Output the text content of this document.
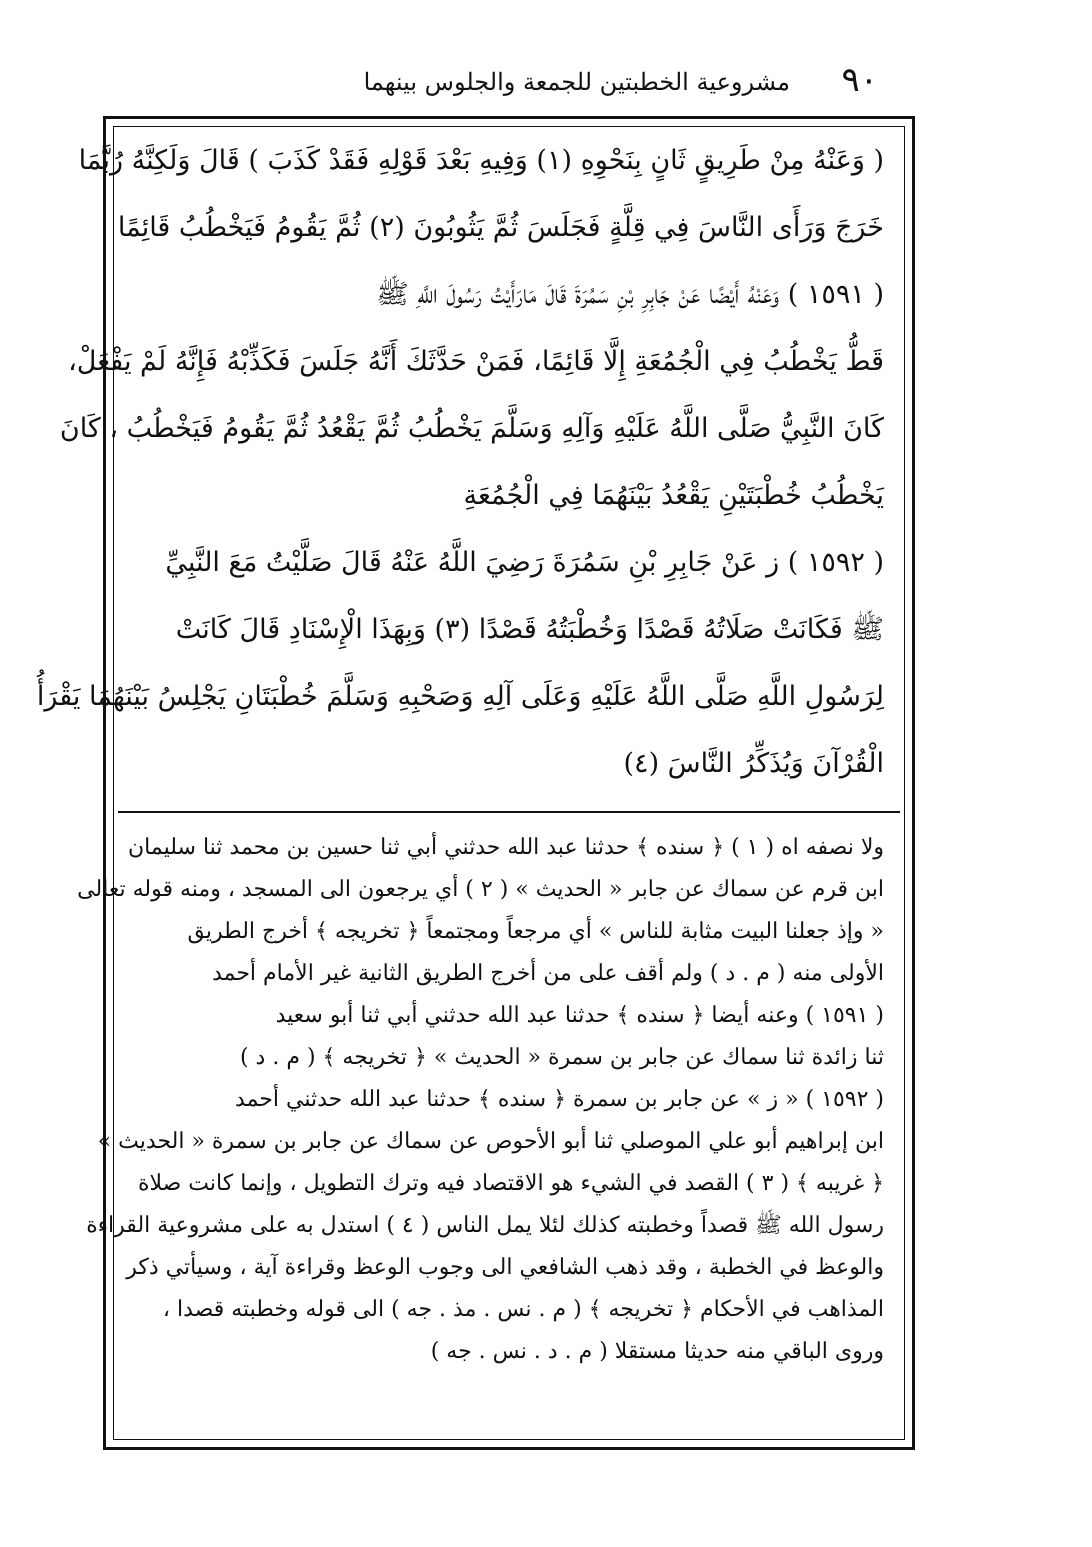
٩٠
مشروعية الخطبتين للجمعة والجلوس بينهما
( وَعَنْهُ مِنْ طَرِيقٍ ثَانٍ بِنَحْوِهِ (١) وَفِيهِ بَعْدَ قَوْلِهِ فَقَدْ كَذَبَ ) قَالَ وَلَكِنَّهُ رُبَّمَا
خَرَجَ وَرَأَى النَّاسَ فِي قِلَّةٍ فَجَلَسَ ثُمَّ يَثُوبُونَ (٢) ثُمَّ يَقُومُ فَيَخْطُبُ قَائِمًا
( ١٥٩١ ) وَعَنْهُ أَيْضًا عَنْ جَابِرِ بْنِ سَمُرَةَ قَالَ مَارَأَيْتُ رَسُولَ اللَّهِ ﷺ
قَطُّ يَخْطُبُ فِي الْجُمُعَةِ إِلَّا قَائِمًا، فَمَنْ حَدَّثَكَ أَنَّهُ جَلَسَ فَكَذِّبْهُ فَإِنَّهُ لَمْ يَفْعَلْ،
كَانَ النَّبِيُّ صَلَّى اللَّهُ عَلَيْهِ وَآلِهِ وَسَلَّمَ يَخْطُبُ ثُمَّ يَقْعُدُ ثُمَّ يَقُومُ فَيَخْطُبُ ، كَانَ
يَخْطُبُ خُطْبَتَيْنِ يَقْعُدُ بَيْنَهُمَا فِي الْجُمُعَةِ
( ١٥٩٢ ) ز عَنْ جَابِرِ بْنِ سَمُرَةَ رَضِيَ اللَّهُ عَنْهُ قَالَ صَلَّيْتُ مَعَ النَّبِيِّ
ﷺ فَكَانَتْ صَلَاتُهُ قَصْدًا وَخُطْبَتُهُ قَصْدًا (٣) وَبِهَذَا الْإِسْنَادِ قَالَ كَانَتْ
لِرَسُولِ اللَّهِ صَلَّى اللَّهُ عَلَيْهِ وَعَلَى آلِهِ وَصَحْبِهِ وَسَلَّمَ خُطْبَتَانِ يَجْلِسُ بَيْنَهُمَا يَقْرَأُ
الْقُرْآنَ وَيُذَكِّرُ النَّاسَ (٤)
ولا نصفه اه ( ١ ) ﴿ سنده ﴾ حدثنا عبد الله حدثني أبي ثنا حسين بن محمد ثنا سليمان
ابن قرم عن سماك عن جابر « الحديث » ( ٢ ) أي يرجعون الى المسجد ، ومنه قوله تعالى
« وإذ جعلنا البيت مثابة للناس » أي مرجعاً ومجتمعاً ﴿ تخريجه ﴾ أخرج الطريق
الأولى منه ( م . د ) ولم أقف على من أخرج الطريق الثانية غير الأمام أحمد
( ١٥٩١ ) وعنه أيضا ﴿ سنده ﴾ حدثنا عبد الله حدثني أبي ثنا أبو سعيد
ثنا زائدة ثنا سماك عن جابر بن سمرة « الحديث » ﴿ تخريجه ﴾ ( م . د )
( ١٥٩٢ ) « ز » عن جابر بن سمرة ﴿ سنده ﴾ حدثنا عبد الله حدثني أحمد
ابن إبراهيم أبو علي الموصلي ثنا أبو الأحوص عن سماك عن جابر بن سمرة « الحديث »
﴿ غريبه ﴾ ( ٣ ) القصد في الشيء هو الاقتصاد فيه وترك التطويل ، وإنما كانت صلاة
رسول الله ﷺ قصداً وخطبته كذلك لئلا يمل الناس ( ٤ ) استدل به على مشروعية القراءة
والوعظ في الخطبة ، وقد ذهب الشافعي الى وجوب الوعظ وقراءة آية ، وسيأتي ذكر
المذاهب في الأحكام ﴿ تخريجه ﴾ ( م . نس . مذ . جه ) الى قوله وخطبته قصدا ،
وروى الباقي منه حديثا مستقلا ( م . د . نس . جه )
